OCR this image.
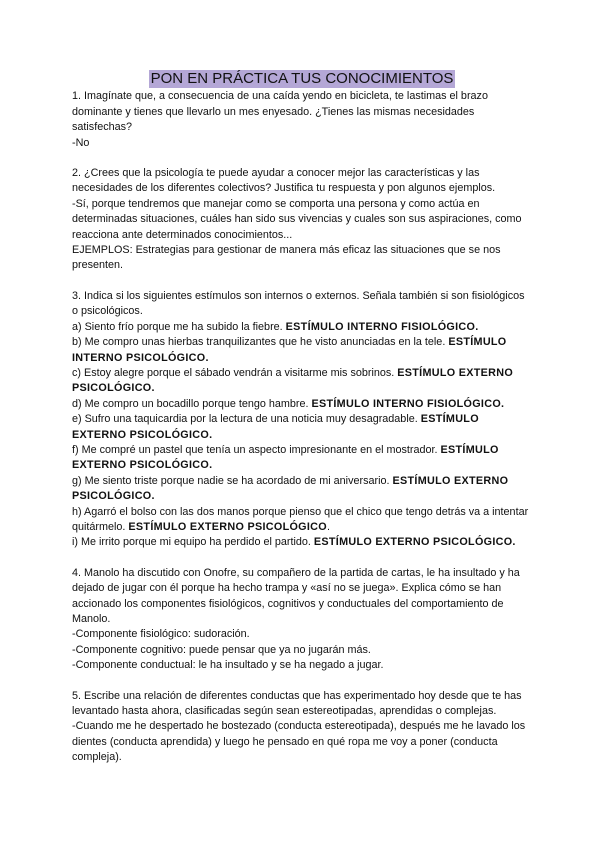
PON EN PRÁCTICA TUS CONOCIMIENTOS

1. Imagínate que, a consecuencia de una caída yendo en bicicleta, te lastimas el brazo dominante y tienes que llevarlo un mes enyesado. ¿Tienes las mismas necesidades satisfechas?

-No

2. ¿Crees que la psicología te puede ayudar a conocer mejor las características y las necesidades de los diferentes colectivos? Justifica tu respuesta y pon algunos ejemplos.

-Sí, porque tendremos que manejar como se comporta una persona y como actúa en determinadas situaciones, cuáles han sido sus vivencias y cuales son sus aspiraciones, como reacciona ante determinados conocimientos...

EJEMPLOS: Estrategias para gestionar de manera más eficaz las situaciones que se nos presenten.

3. Indica si los siguientes estímulos son internos o externos. Señala también si son fisiológicos o psicológicos.

a) Siento frío porque me ha subido la fiebre. ESTÍMULO INTERNO FISIOLÓGICO.

b) Me compro unas hierbas tranquilizantes que he visto anunciadas en la tele. ESTÍMULO INTERNO PSICOLÓGICO.

c) Estoy alegre porque el sábado vendrán a visitarme mis sobrinos. ESTÍMULO EXTERNO PSICOLÓGICO.

d) Me compro un bocadillo porque tengo hambre. ESTÍMULO INTERNO FISIOLÓGICO.

e) Sufro una taquicardia por la lectura de una noticia muy desagradable. ESTÍMULO EXTERNO PSICOLÓGICO.

f) Me compré un pastel que tenía un aspecto impresionante en el mostrador. ESTÍMULO EXTERNO PSICOLÓGICO.

g) Me siento triste porque nadie se ha acordado de mi aniversario. ESTÍMULO EXTERNO PSICOLÓGICO.

h) Agarró el bolso con las dos manos porque pienso que el chico que tengo detrás va a intentar quitármelo. ESTÍMULO EXTERNO PSICOLÓGICO.

i) Me irrito porque mi equipo ha perdido el partido. ESTÍMULO EXTERNO PSICOLÓGICO.

4. Manolo ha discutido con Onofre, su compañero de la partida de cartas, le ha insultado y ha dejado de jugar con él porque ha hecho trampa y «así no se juega». Explica cómo se han accionado los componentes fisiológicos, cognitivos y conductuales del comportamiento de Manolo.

-Componente fisiológico: sudoración.

-Componente cognitivo: puede pensar que ya no jugarán más.

-Componente conductual: le ha insultado y se ha negado a jugar.

5. Escribe una relación de diferentes conductas que has experimentado hoy desde que te has levantado hasta ahora, clasificadas según sean estereotipadas, aprendidas o complejas.

-Cuando me he despertado he bostezado (conducta estereotipada), después me he lavado los dientes (conducta aprendida) y luego he pensado en qué ropa me voy a poner (conducta compleja).
